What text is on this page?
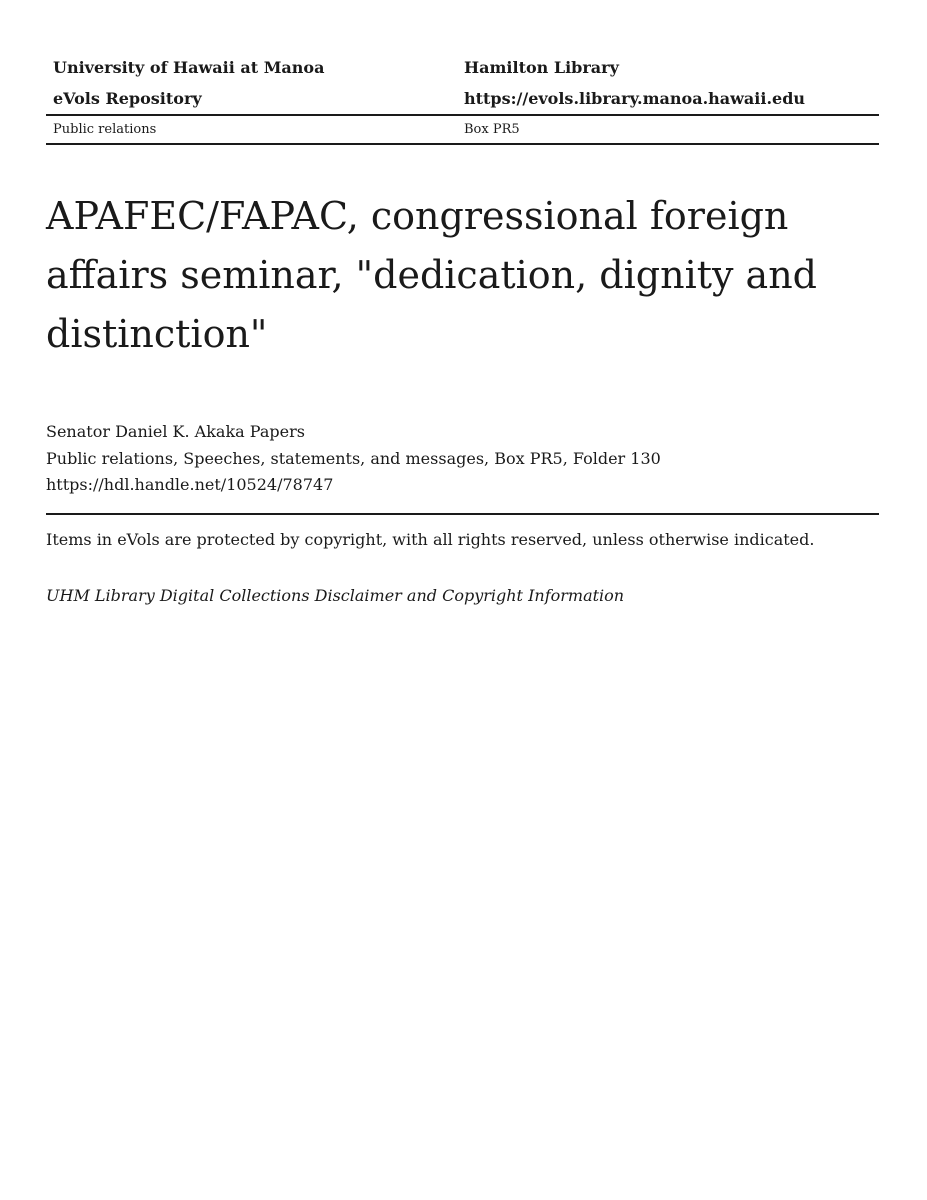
University of Hawaii at Manoa	Hamilton Library
eVols Repository	https://evols.library.manoa.hawaii.edu
Public relations	Box PR5
APAFEC/FAPAC, congressional foreign affairs seminar, "dedication, dignity and distinction"
Senator Daniel K. Akaka Papers
Public relations, Speeches, statements, and messages, Box PR5, Folder 130
https://hdl.handle.net/10524/78747
Items in eVols are protected by copyright, with all rights reserved, unless otherwise indicated.
UHM Library Digital Collections Disclaimer and Copyright Information
